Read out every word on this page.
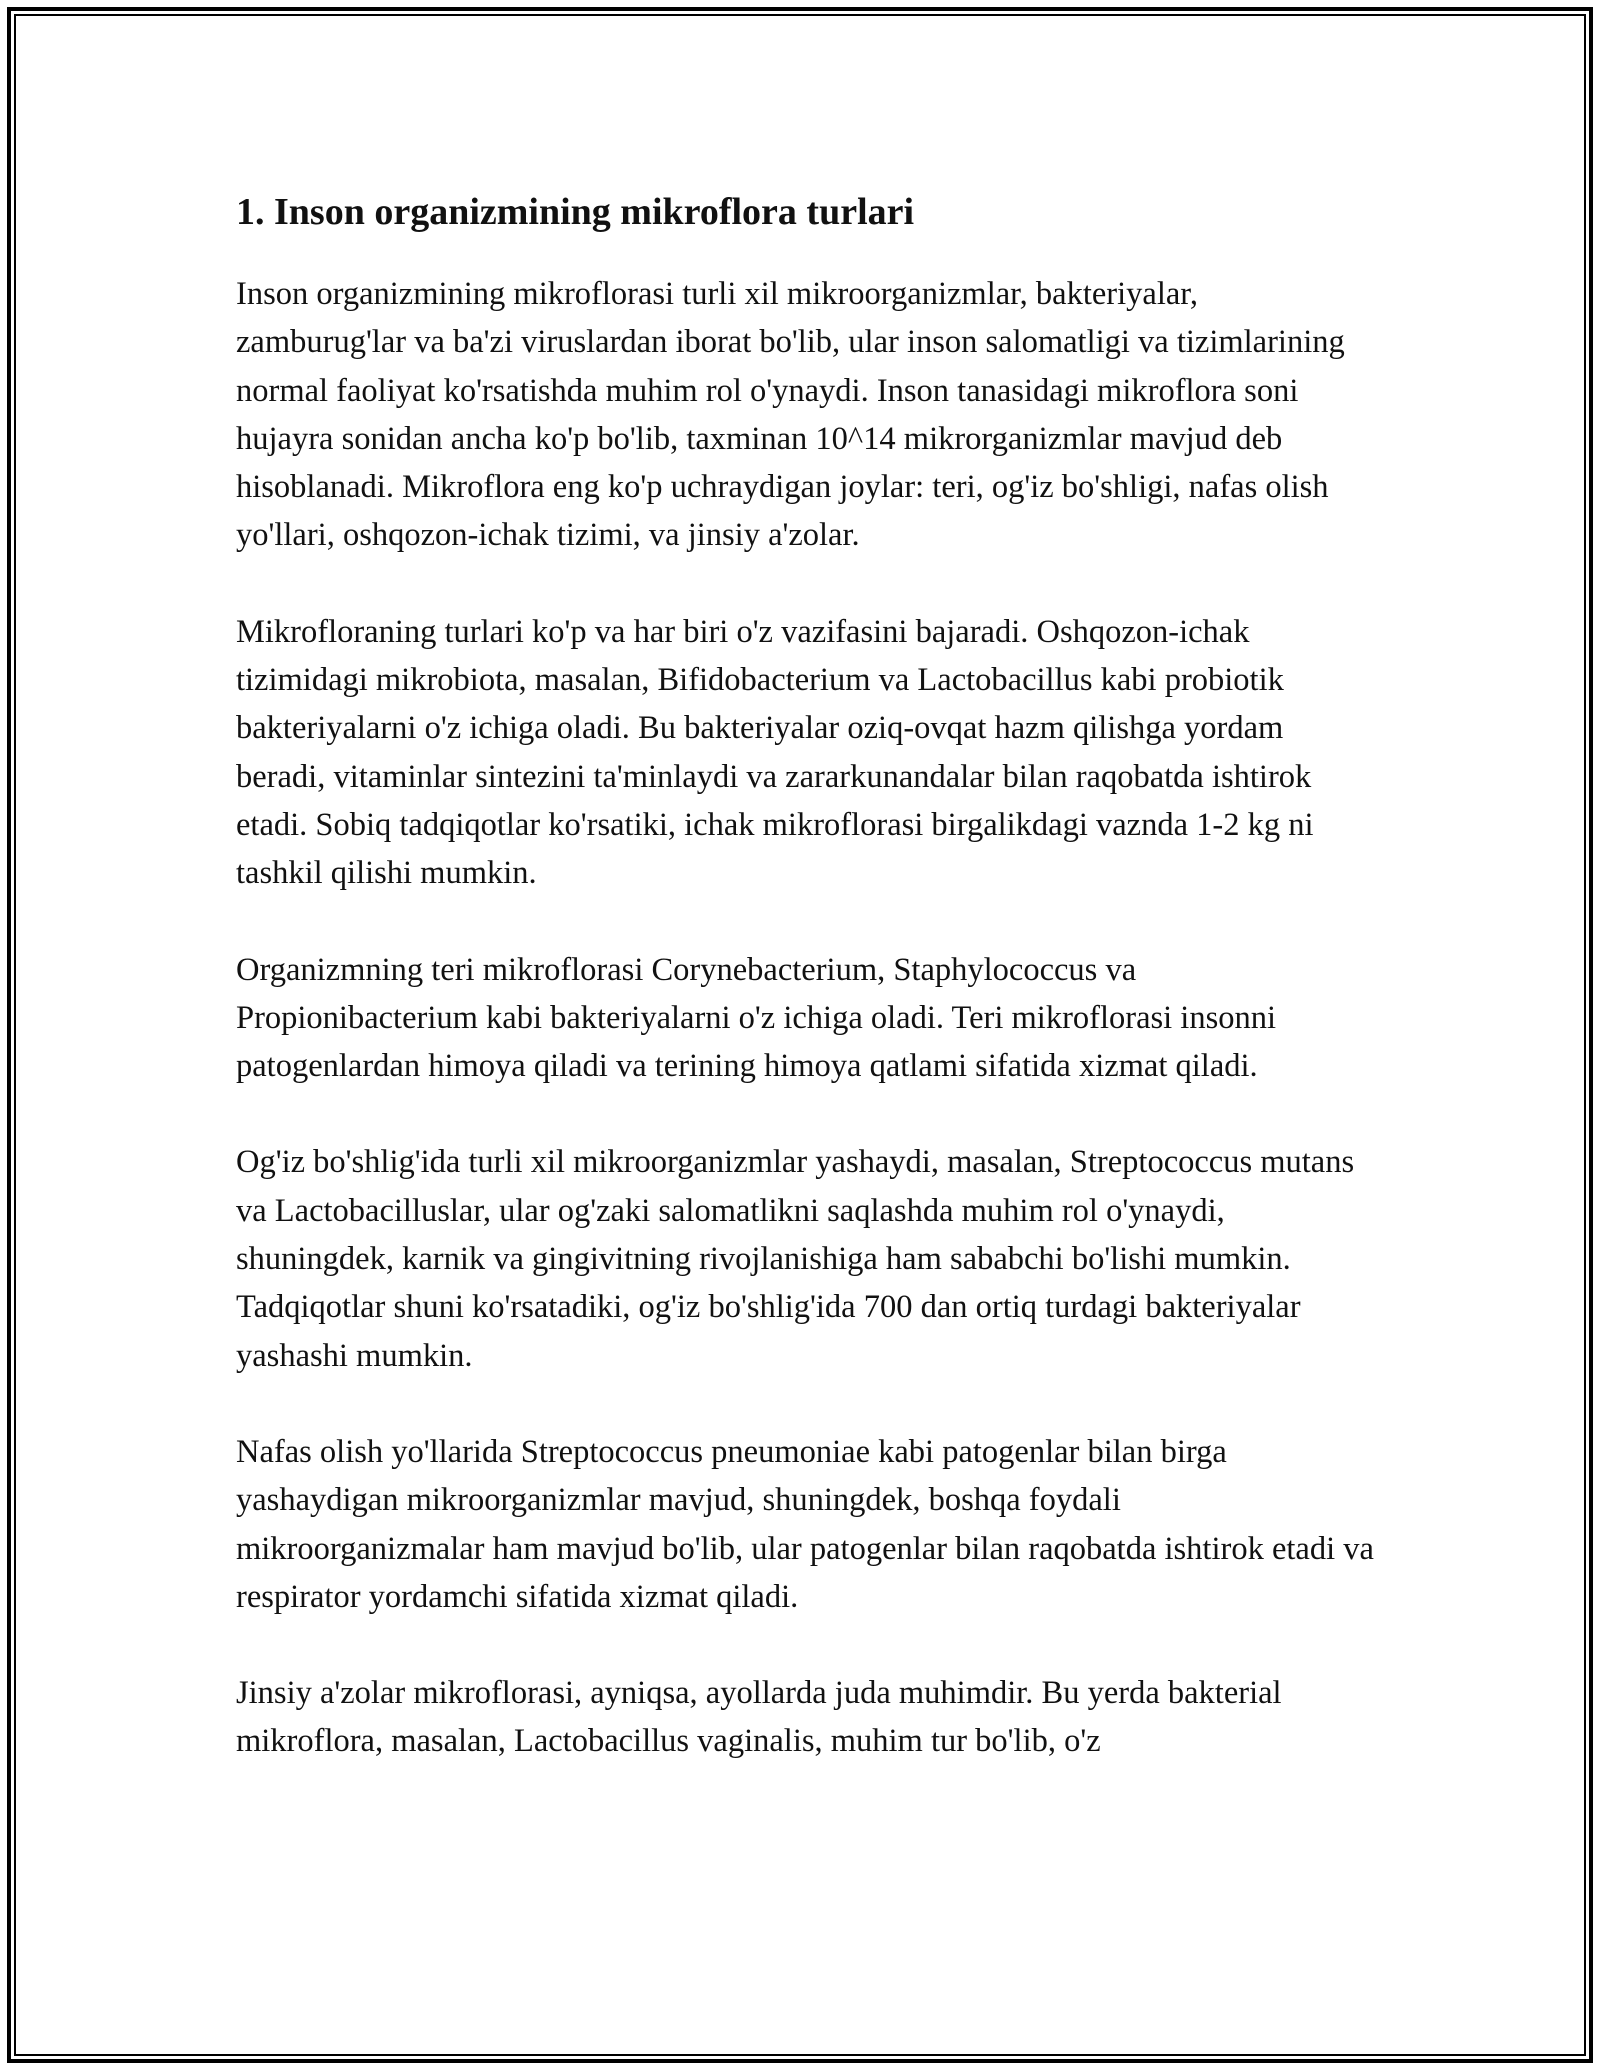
1. Inson organizmining mikroflora turlari

Inson organizmining mikroflorasi turli xil mikroorganizmlar, bakteriyalar, zamburug'lar va ba'zi viruslardan iborat bo'lib, ular inson salomatligi va tizimlarining normal faoliyat ko'rsatishda muhim rol o'ynaydi. Inson tanasidagi mikroflora soni hujayra sonidan ancha ko'p bo'lib, taxminan 10^14 mikrorganizmlar mavjud deb hisoblanadi. Mikroflora eng ko'p uchraydigan joylar: teri, og'iz bo'shligi, nafas olish yo'llari, oshqozon-ichak tizimi, va jinsiy a'zolar.

Mikrofloraning turlari ko'p va har biri o'z vazifasini bajaradi. Oshqozon-ichak tizimidagi mikrobiota, masalan, Bifidobacterium va Lactobacillus kabi probiotik bakteriyalarni o'z ichiga oladi. Bu bakteriyalar oziq-ovqat hazm qilishga yordam beradi, vitaminlar sintezini ta'minlaydi va zararkunandalar bilan raqobatda ishtirok etadi. Sobiq tadqiqotlar ko'rsatiki, ichak mikroflorasi birgalikdagi vaznda 1-2 kg ni tashkil qilishi mumkin.

Organizmning teri mikroflorasi Corynebacterium, Staphylococcus va Propionibacterium kabi bakteriyalarni o'z ichiga oladi. Teri mikroflorasi insonni patogenlardan himoya qiladi va terining himoya qatlami sifatida xizmat qiladi.

Og'iz bo'shlig'ida turli xil mikroorganizmlar yashaydi, masalan, Streptococcus mutans va Lactobacilluslar, ular og'zaki salomatlikni saqlashda muhim rol o'ynaydi, shuningdek, karnik va gingivitning rivojlanishiga ham sababchi bo'lishi mumkin. Tadqiqotlar shuni ko'rsatadiki, og'iz bo'shlig'ida 700 dan ortiq turdagi bakteriyalar yashashi mumkin.

Nafas olish yo'llarida Streptococcus pneumoniae kabi patogenlar bilan birga yashaydigan mikroorganizmlar mavjud, shuningdek, boshqa foydali mikroorganizmalar ham mavjud bo'lib, ular patogenlar bilan raqobatda ishtirok etadi va respirator yordamchi sifatida xizmat qiladi.

Jinsiy a'zolar mikroflorasi, ayniqsa, ayollarda juda muhimdir. Bu yerda bakterial mikroflora, masalan, Lactobacillus vaginalis, muhim tur bo'lib, o'z
